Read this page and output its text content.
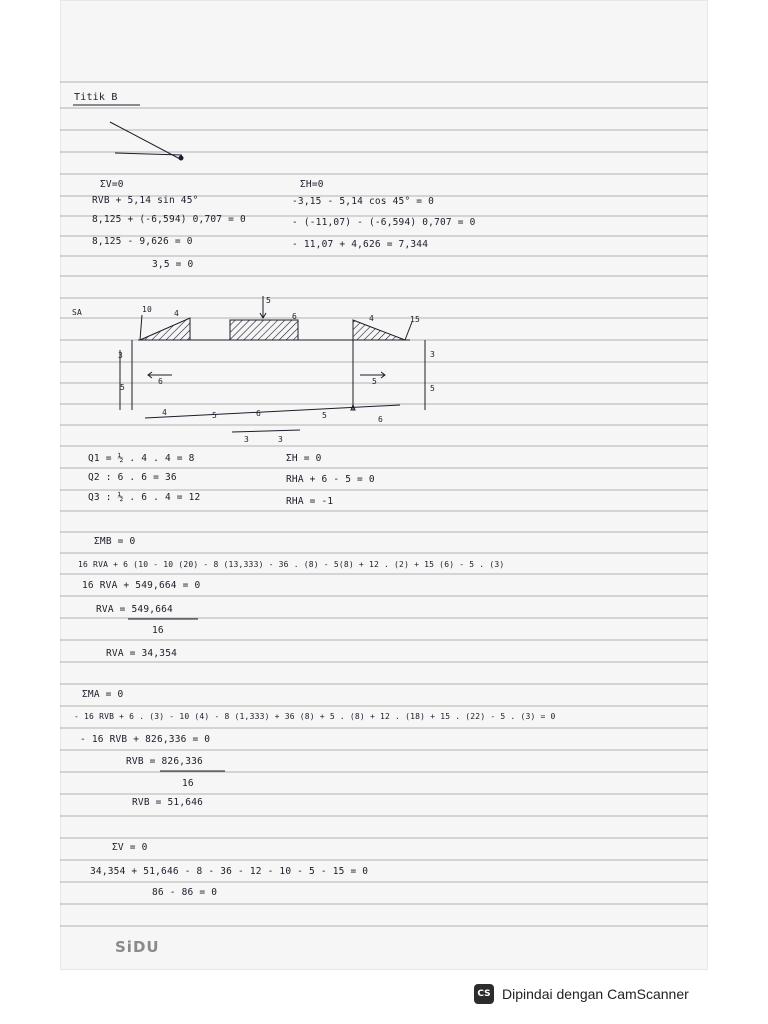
Titik B
ΣV=0
RVB + 5,14 sin 45°
8,125 + (-6,594) 0,707 = 0
8,125 - 9,626 = 0
3,5 = 0
ΣH=0
-3,15 - 5,14 cos 45° = 0
- (-11,07) - (-6,594) 0,707 = 0
- 11,07 + 4,626 = 7,344
SA	10	4
5
6	4	15
3
5
6	5
3
5
4	5	6	5	6
3	3
Q1 = ½ . 4 . 4 = 8
Q2 : 6 . 6 = 36
Q3 : ½ . 6 . 4 = 12
ΣH = 0
RHA + 6 - 5 = 0
RHA = -1
ΣMB = 0
16 RVA + 6 (10 - 10 (20) - 8 (13,333) - 36 . (8) - 5(8) + 12 . (2) + 15 (6) - 5 . (3)
16 RVA + 549,664 = 0
RVA = 549,664
16
RVA = 34,354
ΣMA = 0
- 16 RVB + 6 . (3) - 10 (4) - 8 (1,333) + 36 (8) + 5 . (8) + 12 . (18) + 15 . (22) - 5 . (3) = 0
- 16 RVB + 826,336 = 0
RVB = 826,336
16
RVB = 51,646
ΣV = 0
34,354 + 51,646 - 8 - 36 - 12 - 10 - 5 - 15 = 0
86 - 86 = 0
SiDU
CS Dipindai dengan CamScanner
